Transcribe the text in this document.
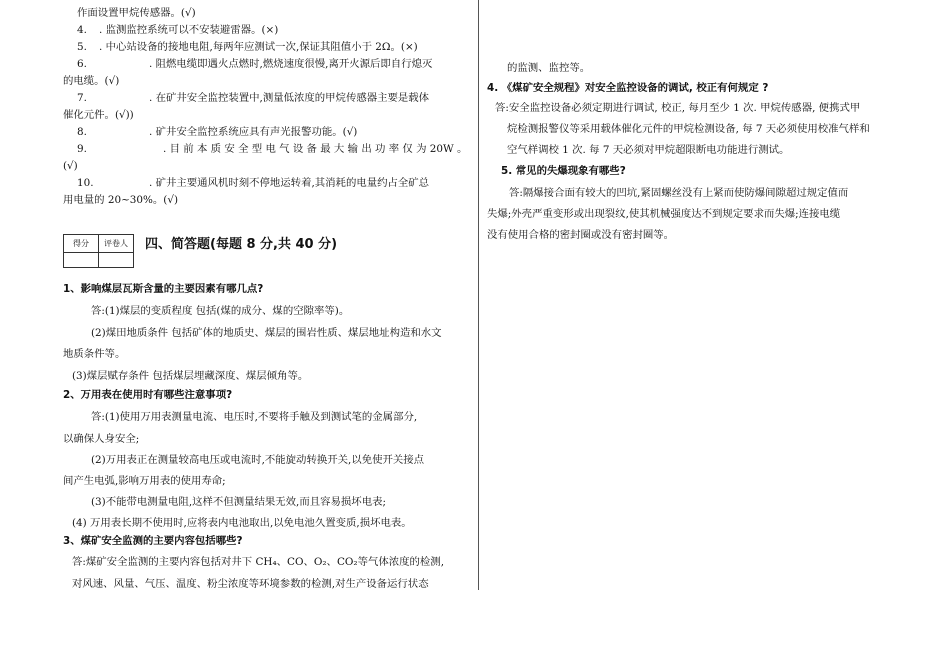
作面设置甲烷传感器。(√)
4. . 监测监控系统可以不安装避雷器。(×)
5. . 中心站设备的接地电阻,每两年应测试一次,保证其阻值小于 2Ω。(×)
6.	. 阻燃电缆即遇火点燃时,燃烧速度很慢,离开火源后即自行熄灭
的电缆。(√)
7.	. 在矿井安全监控装置中,测量低浓度的甲烷传感器主要是载体
催化元件。(√))
8.	. 矿井安全监控系统应具有声光报警功能。(√)
9.	. 目 前 本 质 安 全 型 电 气 设 备 最 大 输 出 功 率 仅 为 20W 。
(√)
10.	. 矿井主要通风机时刻不停地运转着,其消耗的电量约占全矿总
用电量的 20~30%。(√)
得分	评卷人
	四、简答题(每题 8 分,共 40 分)
1、影响煤层瓦斯含量的主要因素有哪几点?
答:(1)煤层的变质程度 包括(煤的成分、煤的空隙率等)。
(2)煤田地质条件 包括矿体的地质史、煤层的围岩性质、煤层地址构造和水文
地质条件等。
(3)煤层赋存条件 包括煤层埋藏深度、煤层倾角等。
2、万用表在使用时有哪些注意事项?
答:(1)使用万用表测量电流、电压时,不要将手触及到测试笔的金属部分,
以确保人身安全;
(2)万用表正在测量较高电压或电流时,不能旋动转换开关,以免使开关接点
间产生电弧,影响万用表的使用寿命;
(3)不能带电测量电阻,这样不但测量结果无效,而且容易损坏电表;
(4) 万用表长期不使用时,应将表内电池取出,以免电池久置变质,损坏电表。
3、煤矿安全监测的主要内容包括哪些?
答:煤矿安全监测的主要内容包括对井下 CH₄、CO、O₂、CO₂等气体浓度的检测,
对风速、风量、气压、温度、粉尘浓度等环境参数的检测,对生产设备运行状态
的监测、监控等。
4. 《煤矿安全规程》对安全监控设备的调试, 校正有何规定 ?
答:安全监控设备必须定期进行调试, 校正, 每月至少 1 次. 甲烷传感器, 便携式甲
烷检测报警仪等采用载体催化元件的甲烷检测设备, 每 7 天必须使用校准气样和
空气样调校 1 次. 每 7 天必须对甲烷超限断电功能进行测试。
5. 常见的失爆现象有哪些?
答:隔爆接合面有较大的凹坑,紧固螺丝没有上紧而使防爆间隙超过规定值而
失爆;外壳严重变形或出现裂纹,使其机械强度达不到规定要求而失爆;连接电缆
没有使用合格的密封圈或没有密封圈等。
